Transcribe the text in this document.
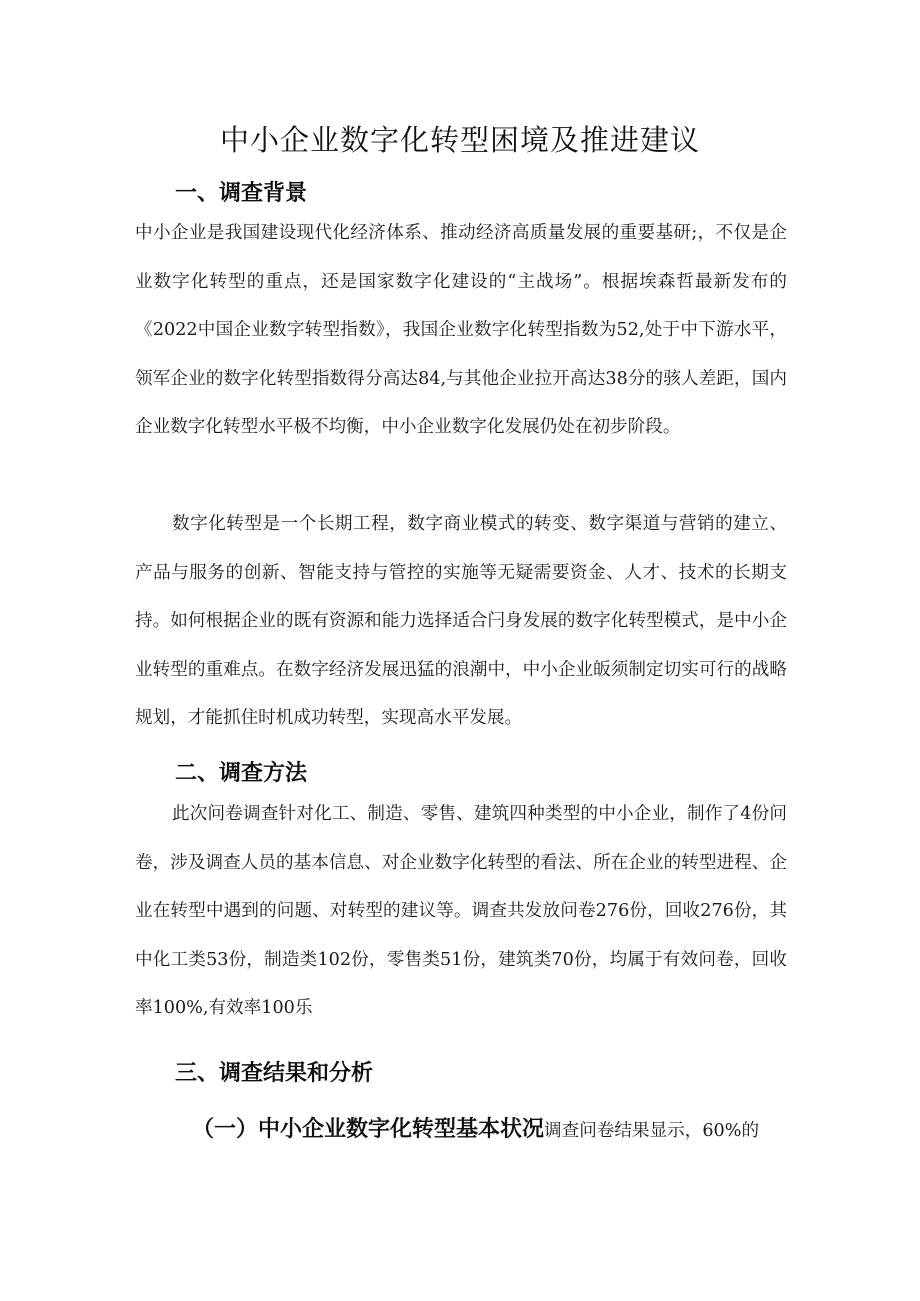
中小企业数字化转型困境及推进建议
一、调查背景

中小企业是我国建设现代化经济体系、推动经济高质量发展的重要基研;，不仅是企业数字化转型的重点，还是国家数字化建设的“主战场”。根据埃森哲最新发布的《2022中国企业数字转型指数》，我国企业数字化转型指数为52,处于中下游水平，领军企业的数字化转型指数得分高达84,与其他企业拉开高达38分的骇人差距，国内企业数字化转型水平极不均衡，中小企业数字化发展仍处在初步阶段。

数字化转型是一个长期工程，数字商业模式的转变、数字渠道与营销的建立、产品与服务的创新、智能支持与管控的实施等无疑需要资金、人才、技术的长期支持。如何根据企业的既有资源和能力选择适合闩身发展的数字化转型模式，是中小企业转型的重难点。在数字经济发展迅猛的浪潮中，中小企业皈须制定切实可行的战略规划，才能抓住时机成功转型，实现高水平发展。

二、调查方法

此次问卷调查针对化工、制造、零售、建筑四种类型的中小企业，制作了4份问卷，涉及调查人员的基本信息、对企业数字化转型的看法、所在企业的转型进程、企业在转型中遇到的问题、对转型的建议等。调查共发放问卷276份，回收276份，其中化工类53份，制造类102份，零售类51份，建筑类70份，均属于有效问卷，回收率100%,有效率100乐

三、调查结果和分析
（一）中小企业数字化转型基本状况调查问卷结果显示，60%的
